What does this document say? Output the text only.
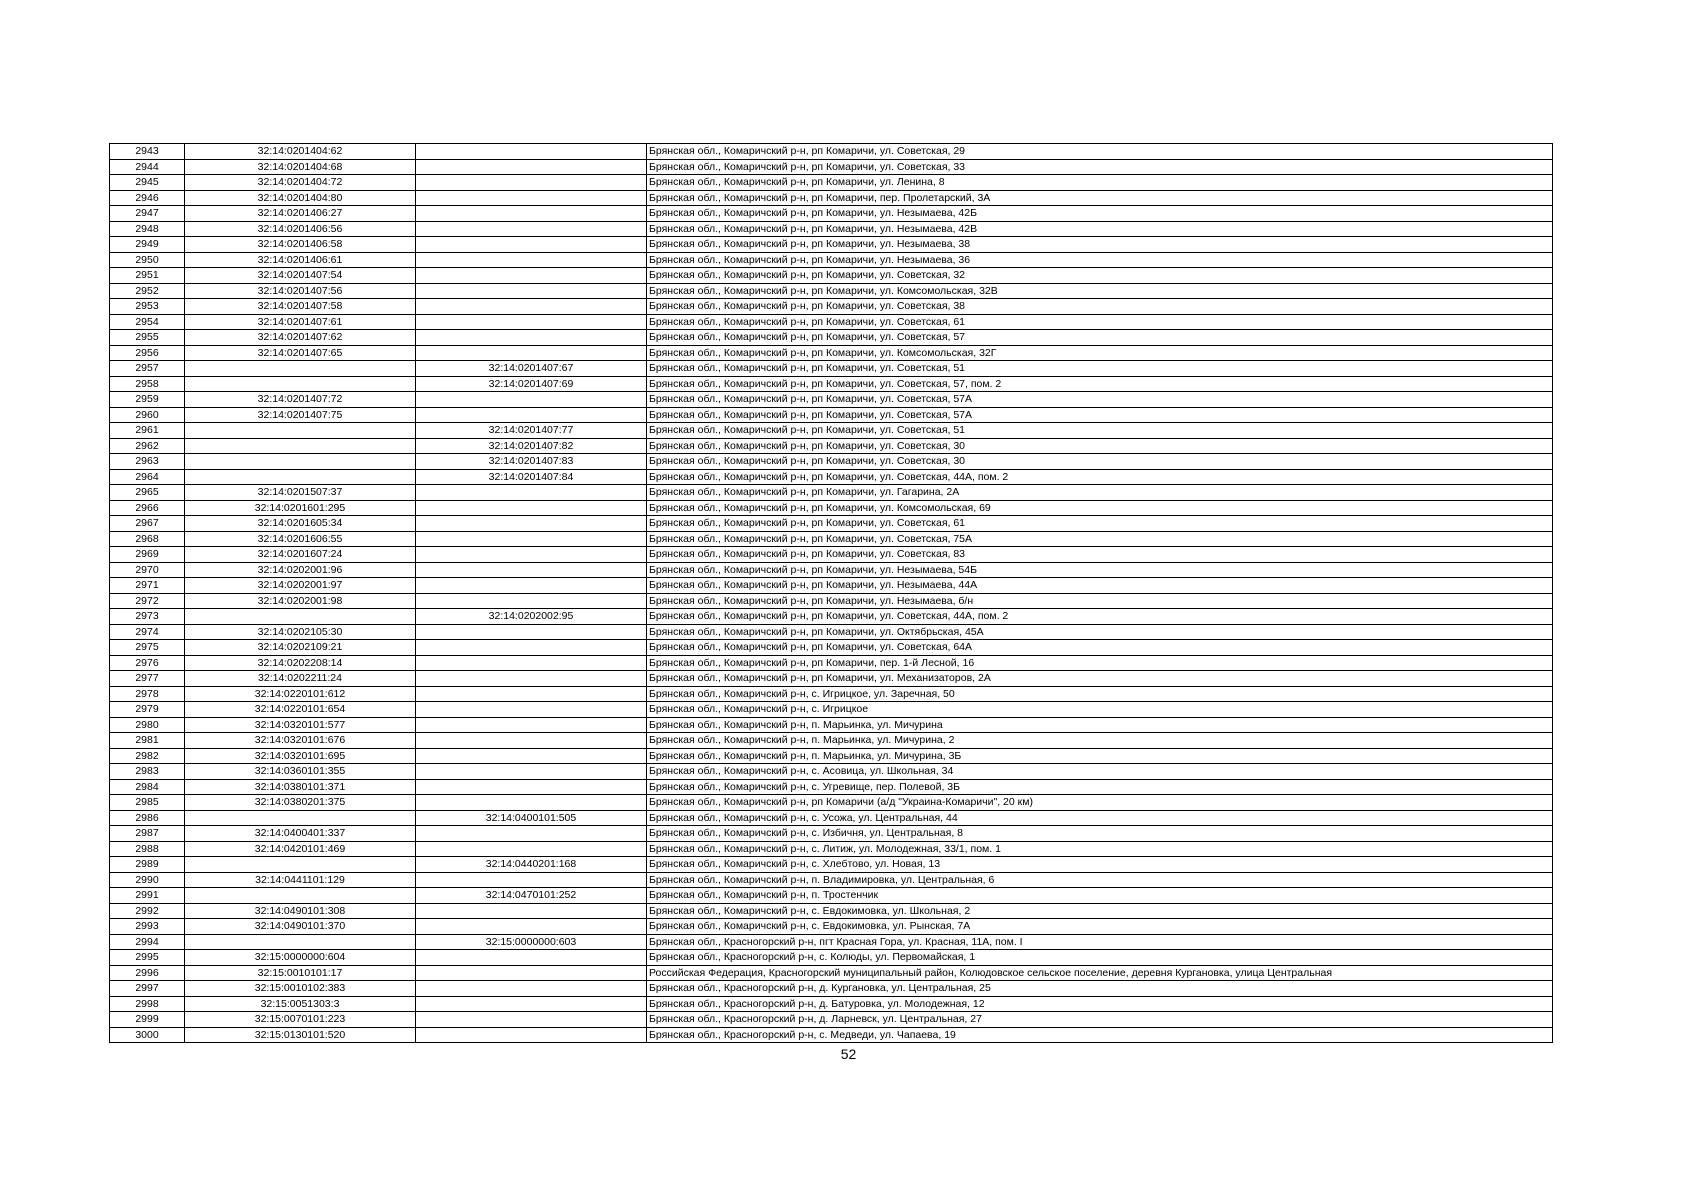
2943	32:14:0201404:62		Брянская обл., Комаричский р-н, рп Комаричи, ул. Советская, 29
2944	32:14:0201404:68		Брянская обл., Комаричский р-н, рп Комаричи, ул. Советская, 33
2945	32:14:0201404:72		Брянская обл., Комаричский р-н, рп Комаричи, ул. Ленина, 8
2946	32:14:0201404:80		Брянская обл., Комаричский р-н, рп Комаричи, пер. Пролетарский, 3А
2947	32:14:0201406:27		Брянская обл., Комаричский р-н, рп Комаричи, ул. Незымаева, 42Б
2948	32:14:0201406:56		Брянская обл., Комаричский р-н, рп Комаричи, ул. Незымаева, 42В
2949	32:14:0201406:58		Брянская обл., Комаричский р-н, рп Комаричи, ул. Незымаева, 38
2950	32:14:0201406:61		Брянская обл., Комаричский р-н, рп Комаричи, ул. Незымаева, 36
2951	32:14:0201407:54		Брянская обл., Комаричский р-н, рп Комаричи, ул. Советская, 32
2952	32:14:0201407:56		Брянская обл., Комаричский р-н, рп Комаричи, ул. Комсомольская, 32В
2953	32:14:0201407:58		Брянская обл., Комаричский р-н, рп Комаричи, ул. Советская, 38
2954	32:14:0201407:61		Брянская обл., Комаричский р-н, рп Комаричи, ул. Советская, 61
2955	32:14:0201407:62		Брянская обл., Комаричский р-н, рп Комаричи, ул. Советская, 57
2956	32:14:0201407:65		Брянская обл., Комаричский р-н, рп Комаричи, ул. Комсомольская, 32Г
2957		32:14:0201407:67	Брянская обл., Комаричский р-н, рп Комаричи, ул. Советская, 51
2958		32:14:0201407:69	Брянская обл., Комаричский р-н, рп Комаричи, ул. Советская, 57, пом. 2
2959	32:14:0201407:72		Брянская обл., Комаричский р-н, рп Комаричи, ул. Советская, 57А
2960	32:14:0201407:75		Брянская обл., Комаричский р-н, рп Комаричи, ул. Советская, 57А
2961		32:14:0201407:77	Брянская обл., Комаричский р-н, рп Комаричи, ул. Советская, 51
2962		32:14:0201407:82	Брянская обл., Комаричский р-н, рп Комаричи, ул. Советская, 30
2963		32:14:0201407:83	Брянская обл., Комаричский р-н, рп Комаричи, ул. Советская, 30
2964		32:14:0201407:84	Брянская обл., Комаричский р-н, рп Комаричи, ул. Советская, 44А, пом. 2
2965	32:14:0201507:37		Брянская обл., Комаричский р-н, рп Комаричи, ул. Гагарина, 2А
2966	32:14:0201601:295		Брянская обл., Комаричский р-н, рп Комаричи, ул. Комсомольская, 69
2967	32:14:0201605:34		Брянская обл., Комаричский р-н, рп Комаричи, ул. Советская, 61
2968	32:14:0201606:55		Брянская обл., Комаричский р-н, рп Комаричи, ул. Советская, 75А
2969	32:14:0201607:24		Брянская обл., Комаричский р-н, рп Комаричи, ул. Советская, 83
2970	32:14:0202001:96		Брянская обл., Комаричский р-н, рп Комаричи, ул. Незымаева, 54Б
2971	32:14:0202001:97		Брянская обл., Комаричский р-н, рп Комаричи, ул. Незымаева, 44А
2972	32:14:0202001:98		Брянская обл., Комаричский р-н, рп Комаричи, ул. Незымаева, б/н
2973		32:14:0202002:95	Брянская обл., Комаричский р-н, рп Комаричи, ул. Советская, 44А, пом. 2
2974	32:14:0202105:30		Брянская обл., Комаричский р-н, рп Комаричи, ул. Октябрьская, 45А
2975	32:14:0202109:21		Брянская обл., Комаричский р-н, рп Комаричи, ул. Советская, 64А
2976	32:14:0202208:14		Брянская обл., Комаричский р-н, рп Комаричи, пер. 1-й Лесной, 16
2977	32:14:0202211:24		Брянская обл., Комаричский р-н, рп Комаричи, ул. Механизаторов, 2А
2978	32:14:0220101:612		Брянская обл., Комаричский р-н, с. Игрицкое, ул. Заречная, 50
2979	32:14:0220101:654		Брянская обл., Комаричский р-н, с. Игрицкое
2980	32:14:0320101:577		Брянская обл., Комаричский р-н, п. Марьинка, ул. Мичурина
2981	32:14:0320101:676		Брянская обл., Комаричский р-н, п. Марьинка, ул. Мичурина, 2
2982	32:14:0320101:695		Брянская обл., Комаричский р-н, п. Марьинка, ул. Мичурина, 3Б
2983	32:14:0360101:355		Брянская обл., Комаричский р-н, с. Асовица, ул. Школьная, 34
2984	32:14:0380101:371		Брянская обл., Комаричский р-н, с. Угревище, пер. Полевой, 3Б
2985	32:14:0380201:375		Брянская обл., Комаричский р-н, рп Комаричи (а/д "Украина-Комаричи", 20 км)
2986		32:14:0400101:505	Брянская обл., Комаричский р-н, с. Усожа, ул. Центральная, 44
2987	32:14:0400401:337		Брянская обл., Комаричский р-н, с. Избичня, ул. Центральная, 8
2988	32:14:0420101:469		Брянская обл., Комаричский р-н, с. Литиж, ул. Молодежная, 33/1, пом. 1
2989		32:14:0440201:168	Брянская обл., Комаричский р-н, с. Хлебтово, ул. Новая, 13
2990	32:14:0441101:129		Брянская обл., Комаричский р-н, п. Владимировка, ул. Центральная, 6
2991		32:14:0470101:252	Брянская обл., Комаричский р-н, п. Тростенчик
2992	32:14:0490101:308		Брянская обл., Комаричский р-н, с. Евдокимовка, ул. Школьная, 2
2993	32:14:0490101:370		Брянская обл., Комаричский р-н, с. Евдокимовка, ул. Рынская, 7А
2994		32:15:0000000:603	Брянская обл., Красногорский р-н, пгт Красная Гора, ул. Красная, 11А, пом. I
2995	32:15:0000000:604		Брянская обл., Красногорский р-н, с. Колюды, ул. Первомайская, 1
2996	32:15:0010101:17		Российская Федерация, Красногорский муниципальный район, Колюдовское сельское поселение, деревня Кургановка, улица Центральная
2997	32:15:0010102:383		Брянская обл., Красногорский р-н, д. Кургановка, ул. Центральная, 25
2998	32:15:0051303:3		Брянская обл., Красногорский р-н, д. Батуровка, ул. Молодежная, 12
2999	32:15:0070101:223		Брянская обл., Красногорский р-н, д. Ларневск, ул. Центральная, 27
3000	32:15:0130101:520		Брянская обл., Красногорский р-н, с. Медведи, ул. Чапаева, 19
52
